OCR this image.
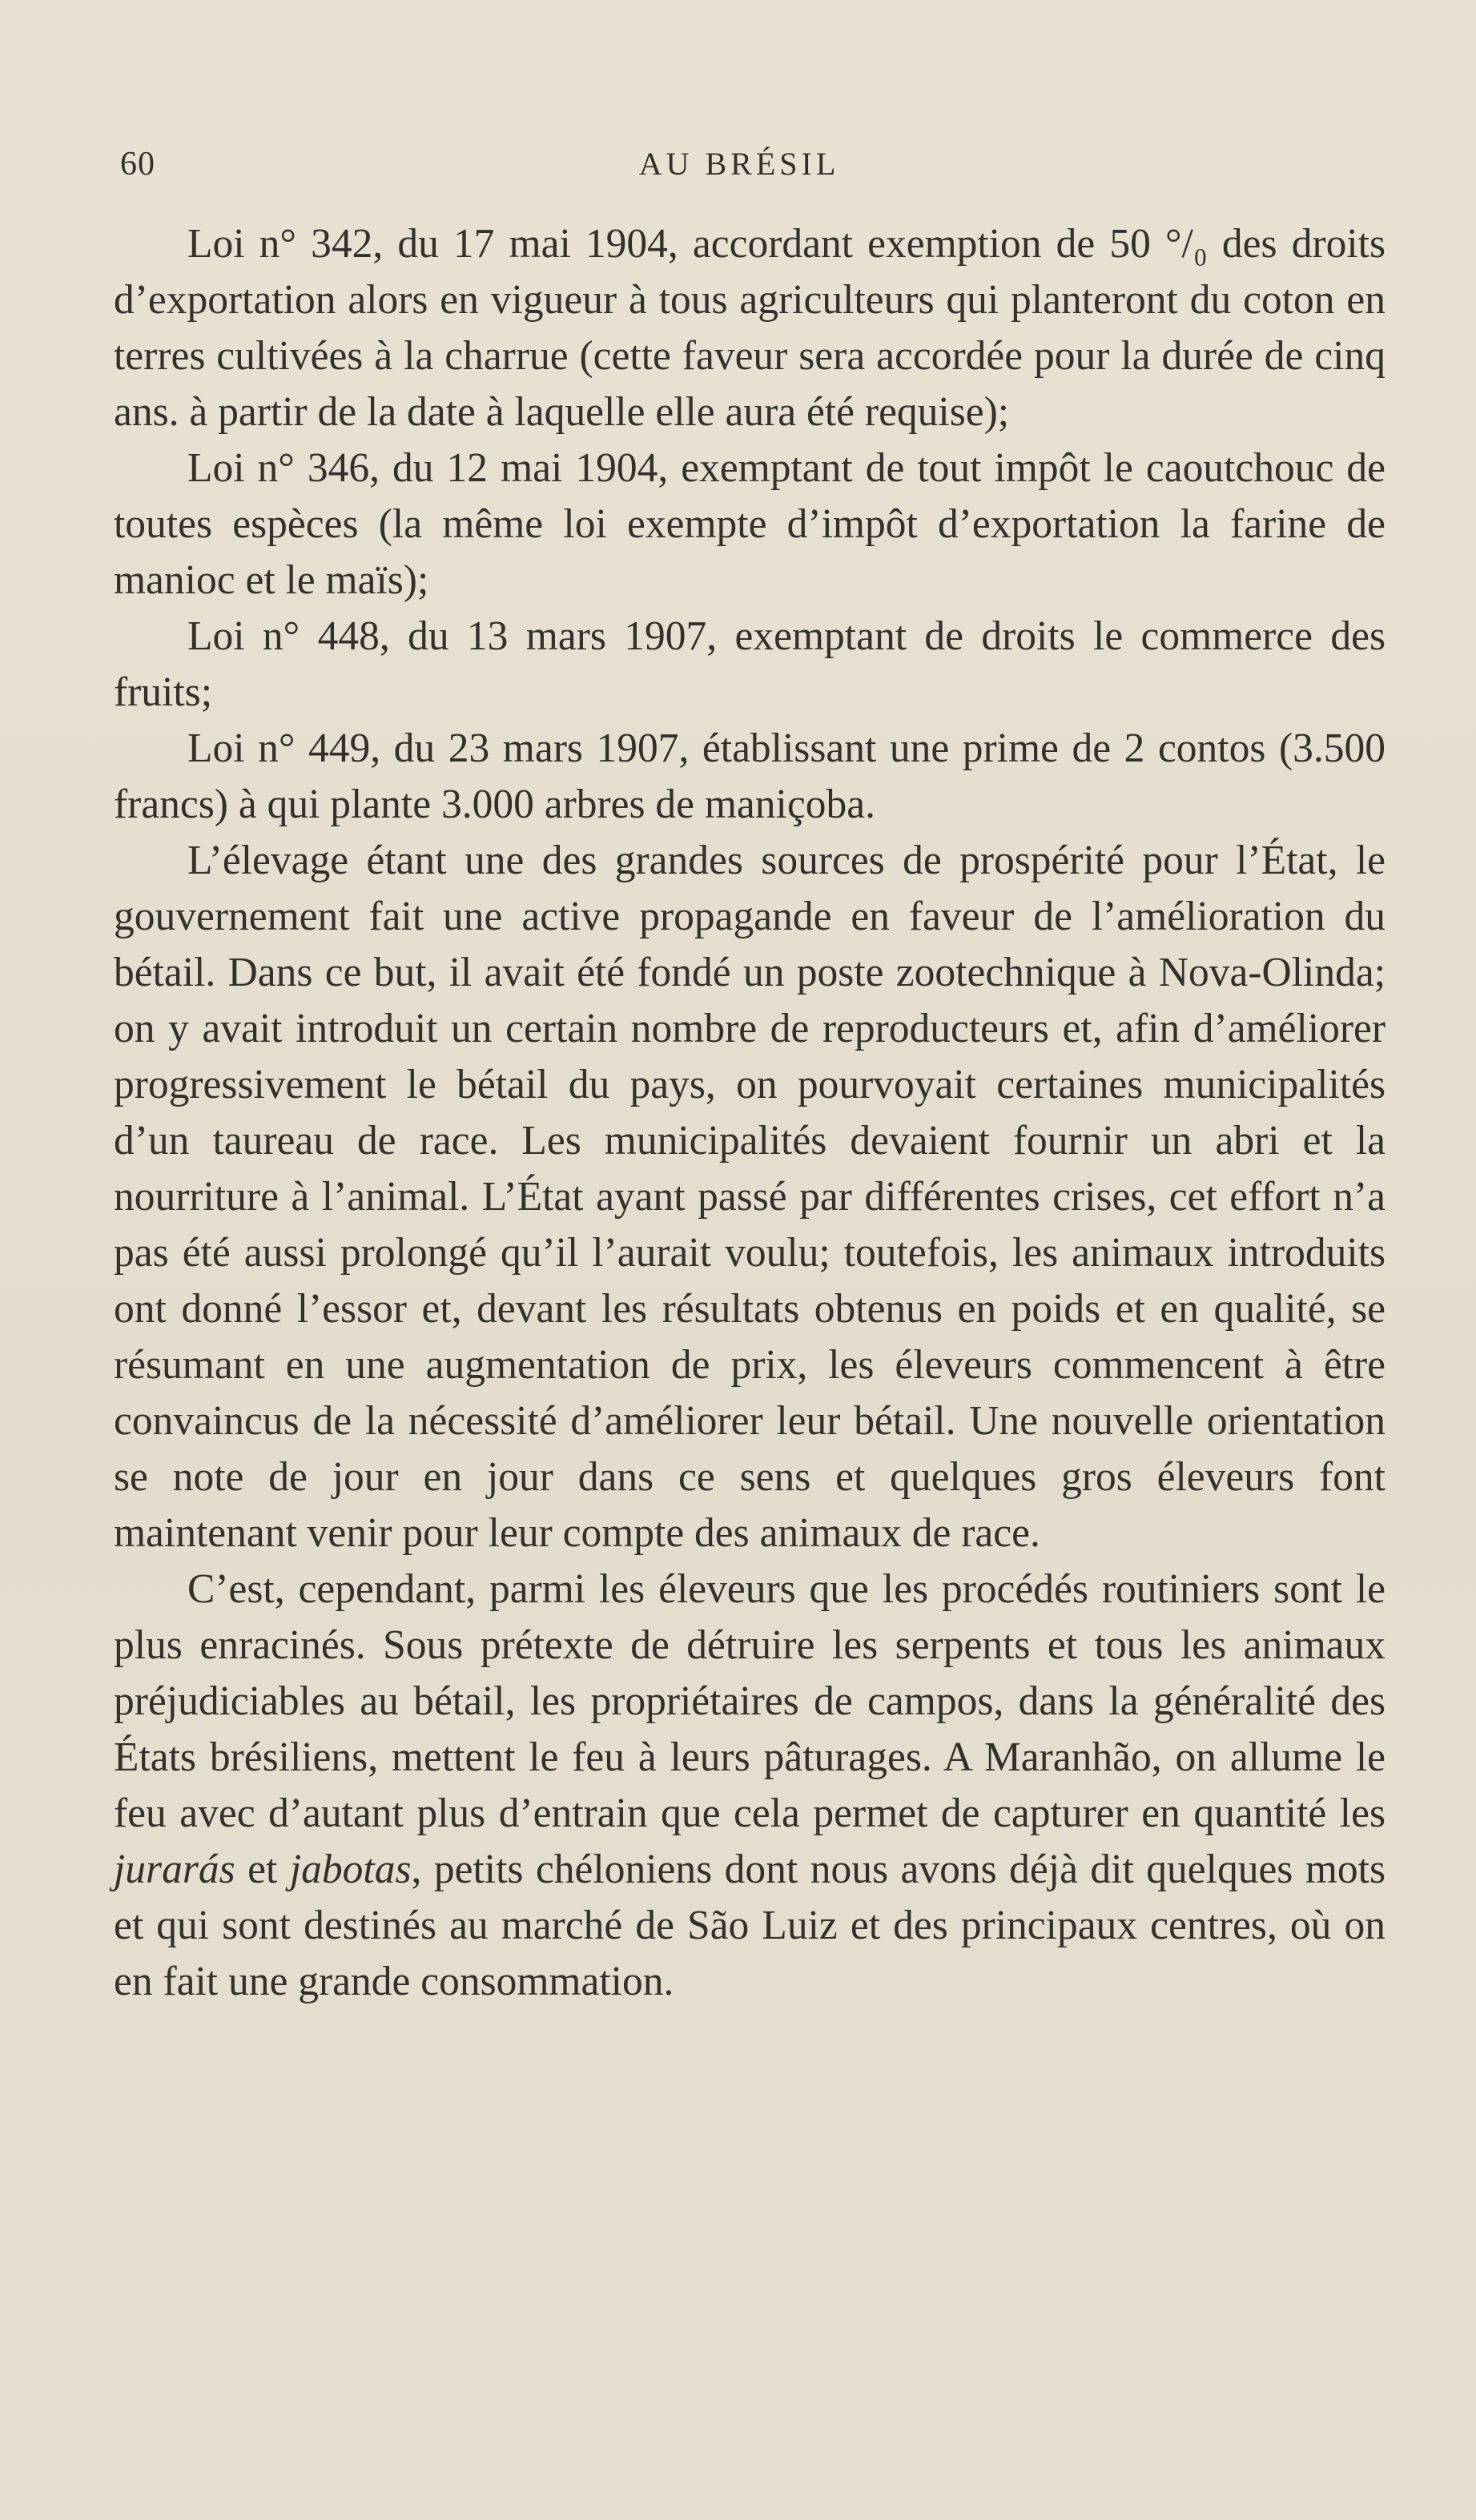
60	AU BRÉSIL

Loi n° 342, du 17 mai 1904, accordant exemption de 50 °/₀ des droits d’exportation alors en vigueur à tous agriculteurs qui planteront du coton en terres cultivées à la charrue (cette faveur sera accordée pour la durée de cinq ans. à partir de la date à laquelle elle aura été requise);

Loi n° 346, du 12 mai 1904, exemptant de tout impôt le caoutchouc de toutes espèces (la même loi exempte d’impôt d’exportation la farine de manioc et le maïs);

Loi n° 448, du 13 mars 1907, exemptant de droits le commerce des fruits;

Loi n° 449, du 23 mars 1907, établissant une prime de 2 contos (3.500 francs) à qui plante 3.000 arbres de maniçoba.

L’élevage étant une des grandes sources de prospérité pour l’État, le gouvernement fait une active propagande en faveur de l’amélioration du bétail. Dans ce but, il avait été fondé un poste zootechnique à Nova-Olinda; on y avait introduit un certain nombre de reproducteurs et, afin d’améliorer progressivement le bétail du pays, on pourvoyait certaines municipalités d’un taureau de race. Les municipalités devaient fournir un abri et la nourriture à l’animal. L’État ayant passé par différentes crises, cet effort n’a pas été aussi prolongé qu’il l’aurait voulu; toutefois, les animaux introduits ont donné l’essor et, devant les résultats obtenus en poids et en qualité, se résumant en une augmentation de prix, les éleveurs commencent à être convaincus de la nécessité d’améliorer leur bétail. Une nouvelle orientation se note de jour en jour dans ce sens et quelques gros éleveurs font maintenant venir pour leur compte des animaux de race.

C’est, cependant, parmi les éleveurs que les procédés routiniers sont le plus enracinés. Sous prétexte de détruire les serpents et tous les animaux préjudiciables au bétail, les propriétaires de campos, dans la généralité des États brésiliens, mettent le feu à leurs pâturages. A Maranhão, on allume le feu avec d’autant plus d’entrain que cela permet de capturer en quantité les jurarás et jabotas, petits chéloniens dont nous avons déjà dit quelques mots et qui sont destinés au marché de São Luiz et des principaux centres, où on en fait une grande consommation.
